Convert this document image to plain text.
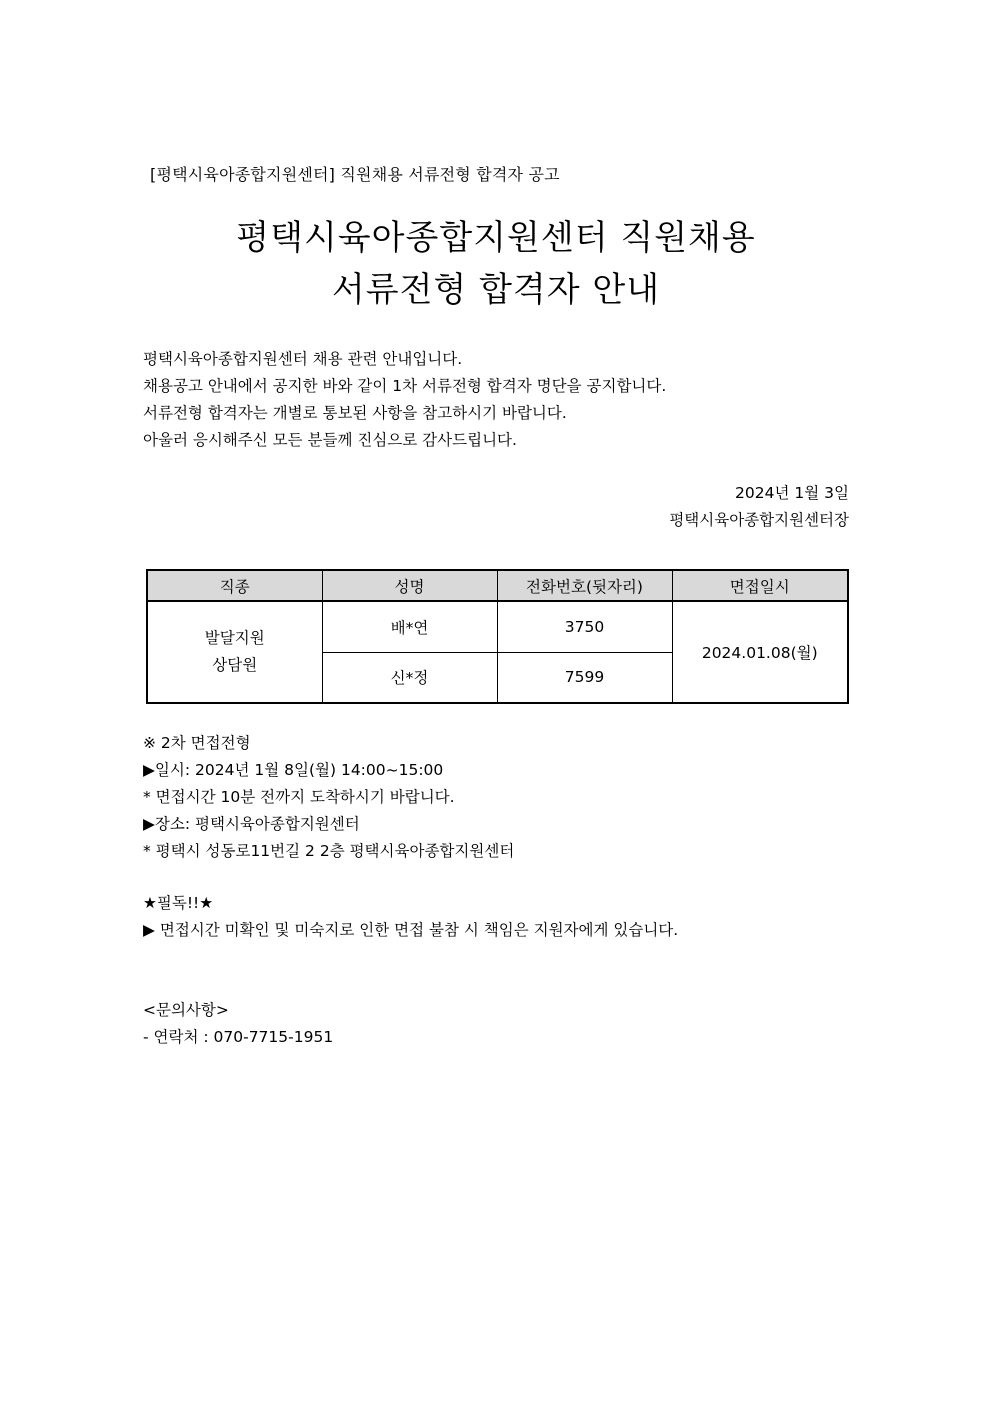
[평택시육아종합지원센터] 직원채용 서류전형 합격자 공고
평택시육아종합지원센터 직원채용
서류전형 합격자 안내
평택시육아종합지원센터 채용 관련 안내입니다.
채용공고 안내에서 공지한 바와 같이 1차 서류전형 합격자 명단을 공지합니다.
서류전형 합격자는 개별로 통보된 사항을 참고하시기 바랍니다.
아울러 응시해주신 모든 분들께 진심으로 감사드립니다.
2024년 1월 3일
평택시육아종합지원센터장
직종	성명	전화번호(뒷자리)	면접일시

발달지원
상담원	배*연	3750	2024.01.08(월)
	신*정	7599	
※ 2차 면접전형
▶일시: 2024년 1월 8일(월) 14:00~15:00
* 면접시간 10분 전까지 도착하시기 바랍니다.
▶장소: 평택시육아종합지원센터
* 평택시 성동로11번길 2 2층 평택시육아종합지원센터
★필독!!★
▶ 면접시간 미확인 및 미숙지로 인한 면접 불참 시 책임은 지원자에게 있습니다.
<문의사항>
- 연락처 : 070-7715-1951
